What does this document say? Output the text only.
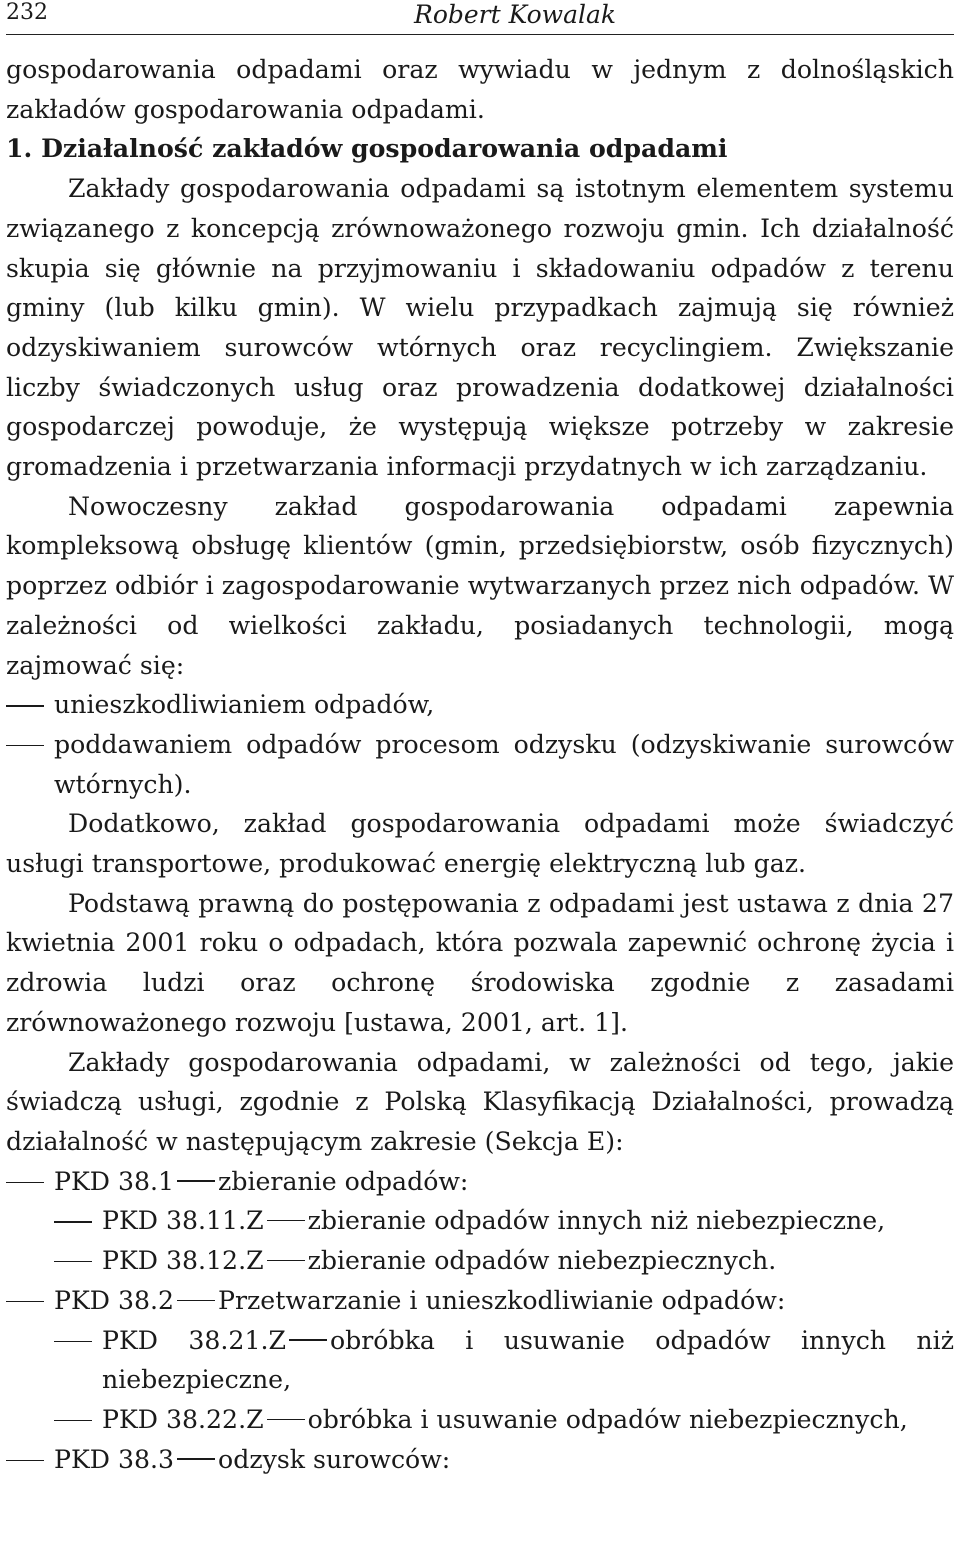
232	Robert Kowalak

gospodarowania odpadami oraz wywiadu w jednym z dolnośląskich zakładów gospodarowania odpadami.

1. Działalność zakładów gospodarowania odpadami

Zakłady gospodarowania odpadami są istotnym elementem systemu związanego z koncepcją zrównoważonego rozwoju gmin. Ich działalność skupia się głównie na przyjmowaniu i składowaniu odpadów z terenu gminy (lub kilku gmin). W wielu przypadkach zajmują się również odzyskiwaniem surowców wtórnych oraz recyclingiem. Zwiększanie liczby świadczonych usług oraz prowadzenia dodatkowej działalności gospodarczej powoduje, że występują większe potrzeby w zakresie gromadzenia i przetwarzania informacji przydatnych w ich zarządzaniu.

Nowoczesny zakład gospodarowania odpadami zapewnia kompleksową obsługę klientów (gmin, przedsiębiorstw, osób fizycznych) poprzez odbiór i zagospodarowanie wytwarzanych przez nich odpadów. W zależności od wielkości zakładu, posiadanych technologii, mogą zajmować się:

unieszkodliwianiem odpadów,
poddawaniem odpadów procesom odzysku (odzyskiwanie surowców wtórnych).

Dodatkowo, zakład gospodarowania odpadami może świadczyć usługi transportowe, produkować energię elektryczną lub gaz.

Podstawą prawną do postępowania z odpadami jest ustawa z dnia 27 kwietnia 2001 roku o odpadach, która pozwala zapewnić ochronę życia i zdrowia ludzi oraz ochronę środowiska zgodnie z zasadami zrównoważonego rozwoju [ustawa, 2001, art. 1].

Zakłady gospodarowania odpadami, w zależności od tego, jakie świadczą usługi, zgodnie z Polską Klasyfikacją Działalności, prowadzą działalność w następującym zakresie (Sekcja E):

PKD 38.1 zbieranie odpadów:
PKD 38.11.Z zbieranie odpadów innych niż niebezpieczne,
PKD 38.12.Z zbieranie odpadów niebezpiecznych.
PKD 38.2 Przetwarzanie i unieszkodliwianie odpadów:
PKD 38.21.Z obróbka i usuwanie odpadów innych niż niebezpieczne,
PKD 38.22.Z obróbka i usuwanie odpadów niebezpiecznych,
PKD 38.3 odzysk surowców:
